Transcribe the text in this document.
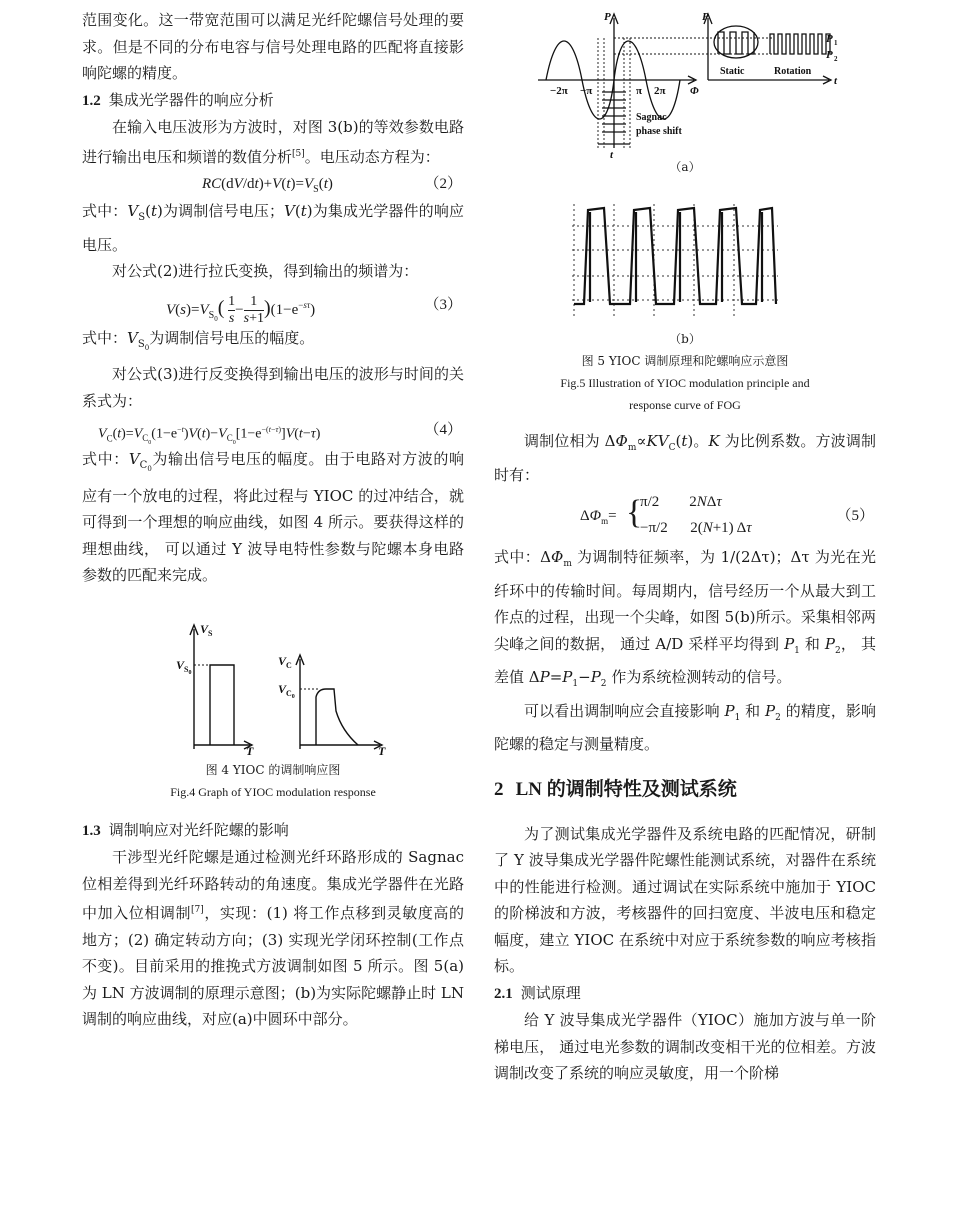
范围变化。这一带宽范围可以满足光纤陀螺信号处理的要求。但是不同的分布电容与信号处理电路的匹配将直接影响陀螺的精度。

1.2 集成光学器件的响应分析

在输入电压波形为方波时，对图 3(b)的等效参数电路进行输出电压和频谱的数值分析[5]。电压动态方程为：

$RC(dV/dt)+V(t)=V_S(t)$	（2）

式中：$V_S(t)$为调制信号电压；V(t)为集成光学器件的响应电压。

对公式(2)进行拉氏变换，得到输出的频谱为：

$V(s)=V_{S_0}( \frac{1}{s} - \frac{1}{s+1} )(1-e^{-s\tau})$	（3）

式中：$V_{S_0}$为调制信号电压的幅度。

对公式(3)进行反变换得到输出电压的波形与时间的关系式为：

$V_C(t)=V_{C_0}(1-e^{-t})V(t)-V_{C_0}[1-e^{-(t-\tau)}]V(t-\tau)$	（4）

式中：$V_{C_0}$为输出信号电压的幅度。由于电路对方波的响应有一个放电的过程，将此过程与 YIOC 的过冲结合，就可得到一个理想的响应曲线，如图 4 所示。要获得这样的理想曲线， 可以通过 Y 波导电特性参数与陀螺本身电路参数的匹配来完成。

$V_S$
$V_S0$
T
$V_C$
$V_C0$
T
图 4 YIOC 的调制响应图
Fig.4 Graph of YIOC modulation response
1.3 调制响应对光纤陀螺的影响

干涉型光纤陀螺是通过检测光纤环路形成的 Sagnac 位相差得到光纤环路转动的角速度。集成光学器件在光路中加入位相调制[7]，实现：(1) 将工作点移到灵敏度高的地方；(2) 确定转动方向；(3) 实现光学闭环控制(工作点不变)。目前采用的推挽式方波调制如图 5 所示。图 5(a)为 LN 方波调制的原理示意图；(b)为实际陀螺静止时 LN 调制的响应曲线，对应(a)中圆环中部分。

P	P
−2π −π	π 2π Φ
t
P 1
P 2
Static	Rotation
Sagnac
phase shift
t
（a）
（b）
图 5 YIOC 调制原理和陀螺响应示意图
Fig.5 Illustration of YIOC modulation principle and
response curve of FOG

调制位相为 $\Delta\Phi_m\propto KV_C(t)$。K 为比例系数。方波调制时有：

$\Delta\Phi_m=$ {
π/2        2NΔτ
−π/2      2(N+1) Δτ
（5）

式中：$\Delta\Phi_m$ 为调制特征频率，为 1/(2Δτ)；Δτ 为光在光纤环中的传输时间。每周期内，信号经历一个从最大到工作点的过程，出现一个尖峰，如图 5(b)所示。采集相邻两尖峰之间的数据， 通过 A/D 采样平均得到 $P_1$ 和 $P_2$， 其差值 $\Delta P=P_1-P_2$ 作为系统检测转动的信号。

可以看出调制响应会直接影响 $P_1$ 和 $P_2$ 的精度，影响陀螺的稳定与测量精度。

2 LN 的调制特性及测试系统

为了测试集成光学器件及系统电路的匹配情况，研制了 Y 波导集成光学器件陀螺性能测试系统，对器件在系统中的性能进行检测。通过调试在实际系统中施加于 YIOC 的阶梯波和方波，考核器件的回扫宽度、半波电压和稳定幅度，建立 YIOC 在系统中对应于系统参数的响应考核指标。

2.1 测试原理

给 Y 波导集成光学器件（YIOC）施加方波与单一阶梯电压， 通过电光参数的调制改变相干光的位相差。方波调制改变了系统的响应灵敏度，用一个阶梯
